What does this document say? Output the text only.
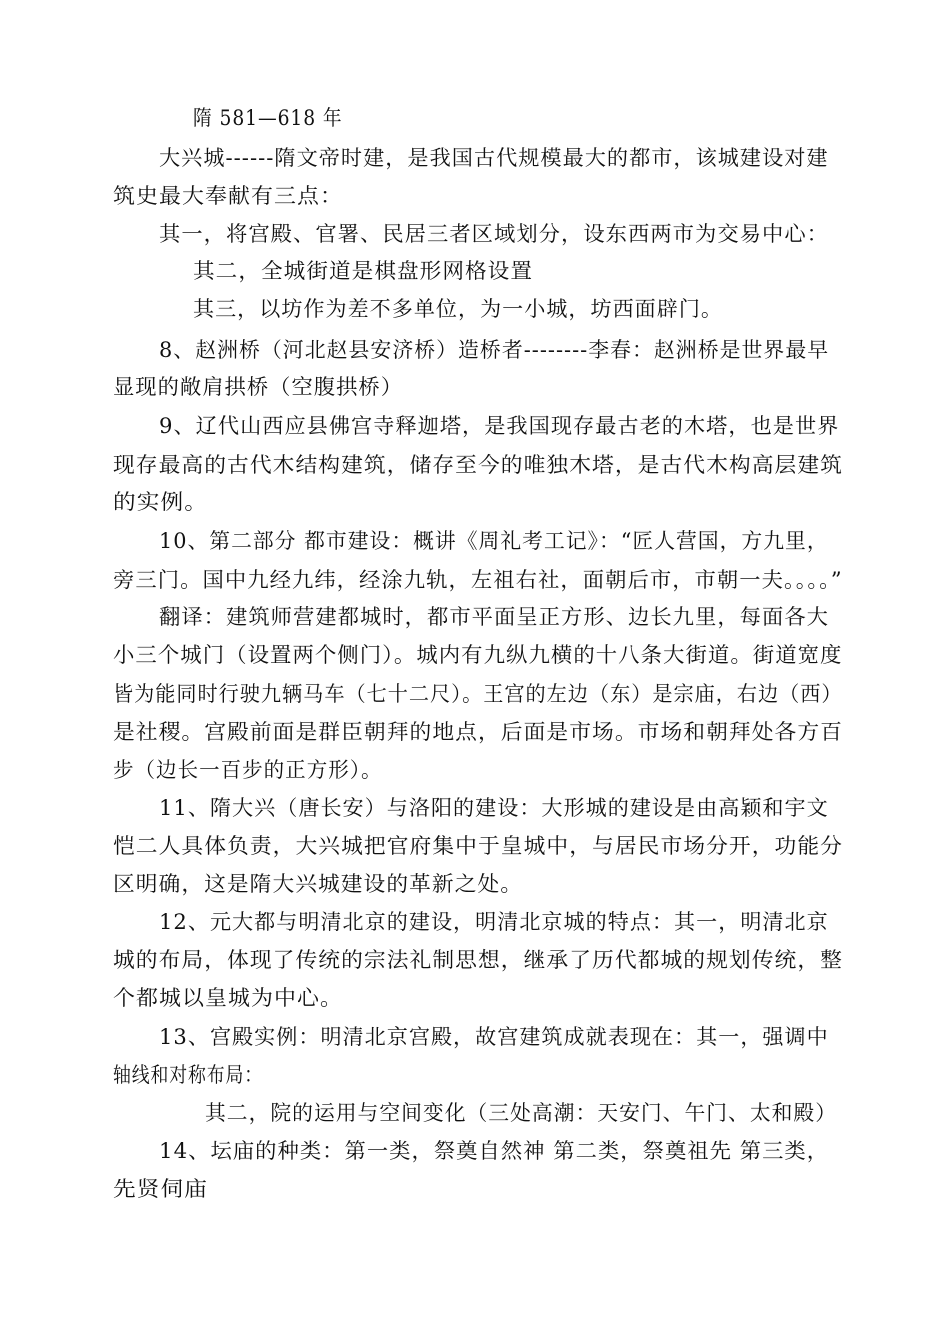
隋 581—618 年
大兴城------隋文帝时建，是我国古代规模最大的都市，该城建设对建
筑史最大奉献有三点：
其一，将宫殿、官署、民居三者区域划分，设东西两市为交易中心：
其二，全城街道是棋盘形网格设置
其三，以坊作为差不多单位，为一小城，坊西面辟门。
8、赵洲桥（河北赵县安济桥）造桥者--------李春：赵洲桥是世界最早
显现的敞肩拱桥（空腹拱桥）
9、辽代山西应县佛宫寺释迦塔，是我国现存最古老的木塔，也是世界
现存最高的古代木结构建筑，储存至今的唯独木塔，是古代木构高层建筑
的实例。
10、第二部分 都市建设：概讲《周礼考工记》：“匠人营国，方九里，
旁三门。国中九经九纬，经涂九轨，左祖右社，面朝后市，市朝一夫。。。。”
翻译：建筑师营建都城时，都市平面呈正方形、边长九里，每面各大
小三个城门（设置两个侧门）。城内有九纵九横的十八条大街道。街道宽度
皆为能同时行驶九辆马车（七十二尺）。王宫的左边（东）是宗庙，右边（西）
是社稷。宫殿前面是群臣朝拜的地点，后面是市场。市场和朝拜处各方百
步（边长一百步的正方形）。
11、隋大兴（唐长安）与洛阳的建设：大形城的建设是由高颖和宇文
恺二人具体负责，大兴城把官府集中于皇城中，与居民市场分开，功能分
区明确，这是隋大兴城建设的革新之处。
12、元大都与明清北京的建设，明清北京城的特点：其一，明清北京
城的布局，体现了传统的宗法礼制思想，继承了历代都城的规划传统，整
个都城以皇城为中心。
13、宫殿实例：明清北京宫殿，故宫建筑成就表现在：其一，强调中
轴线和对称布局：
其二，院的运用与空间变化（三处高潮：天安门、午门、太和殿）
14、坛庙的种类：第一类，祭奠自然神 第二类，祭奠祖先 第三类，
先贤伺庙
